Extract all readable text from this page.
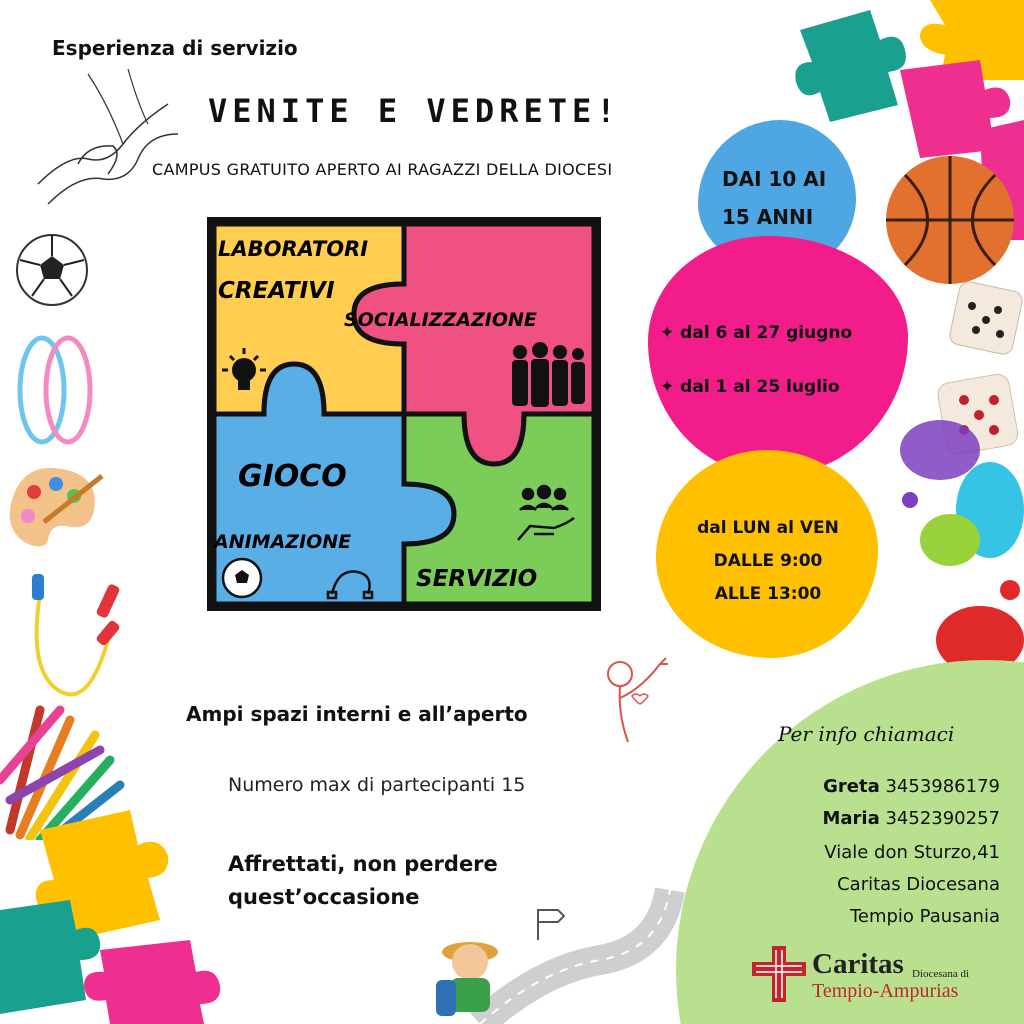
Esperienza di servizio
VENITE E VEDRETE!
CAMPUS GRATUITO APERTO AI RAGAZZI DELLA DIOCESI
LABORATORI
CREATIVI
SOCIALIZZAZIONE
GIOCO
ANIMAZIONE
SERVIZIO
DAI 10 AI
15 ANNI
✦ dal 6 al 27 giugno
✦ dal 1 al 25 luglio
dal LUN al VEN
DALLE 9:00
ALLE 13:00
Ampi spazi interni e all’aperto
Numero max di partecipanti 15
Affrettati, non perdere
quest’occasione
Per info chiamaci
Greta 3453986179
Maria 3452390257
Viale don Sturzo,41
Caritas Diocesana
Tempio Pausania
Caritas Diocesana di
Tempio-Ampurias
